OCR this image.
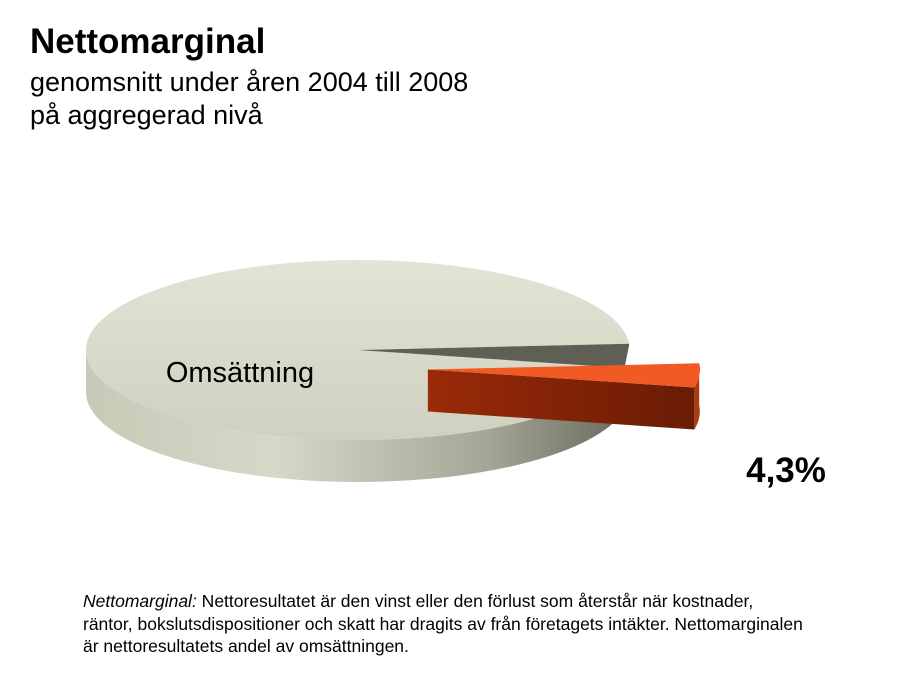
Nettomarginal
genomsnitt under åren 2004 till 2008
på aggregerad nivå
Omsättning
4,3%
Nettomarginal: Nettoresultatet är den vinst eller den förlust som återstår när kostnader, räntor, bokslutsdispositioner och skatt har dragits av från företagets intäkter. Nettomarginalen är nettoresultatets andel av omsättningen.
